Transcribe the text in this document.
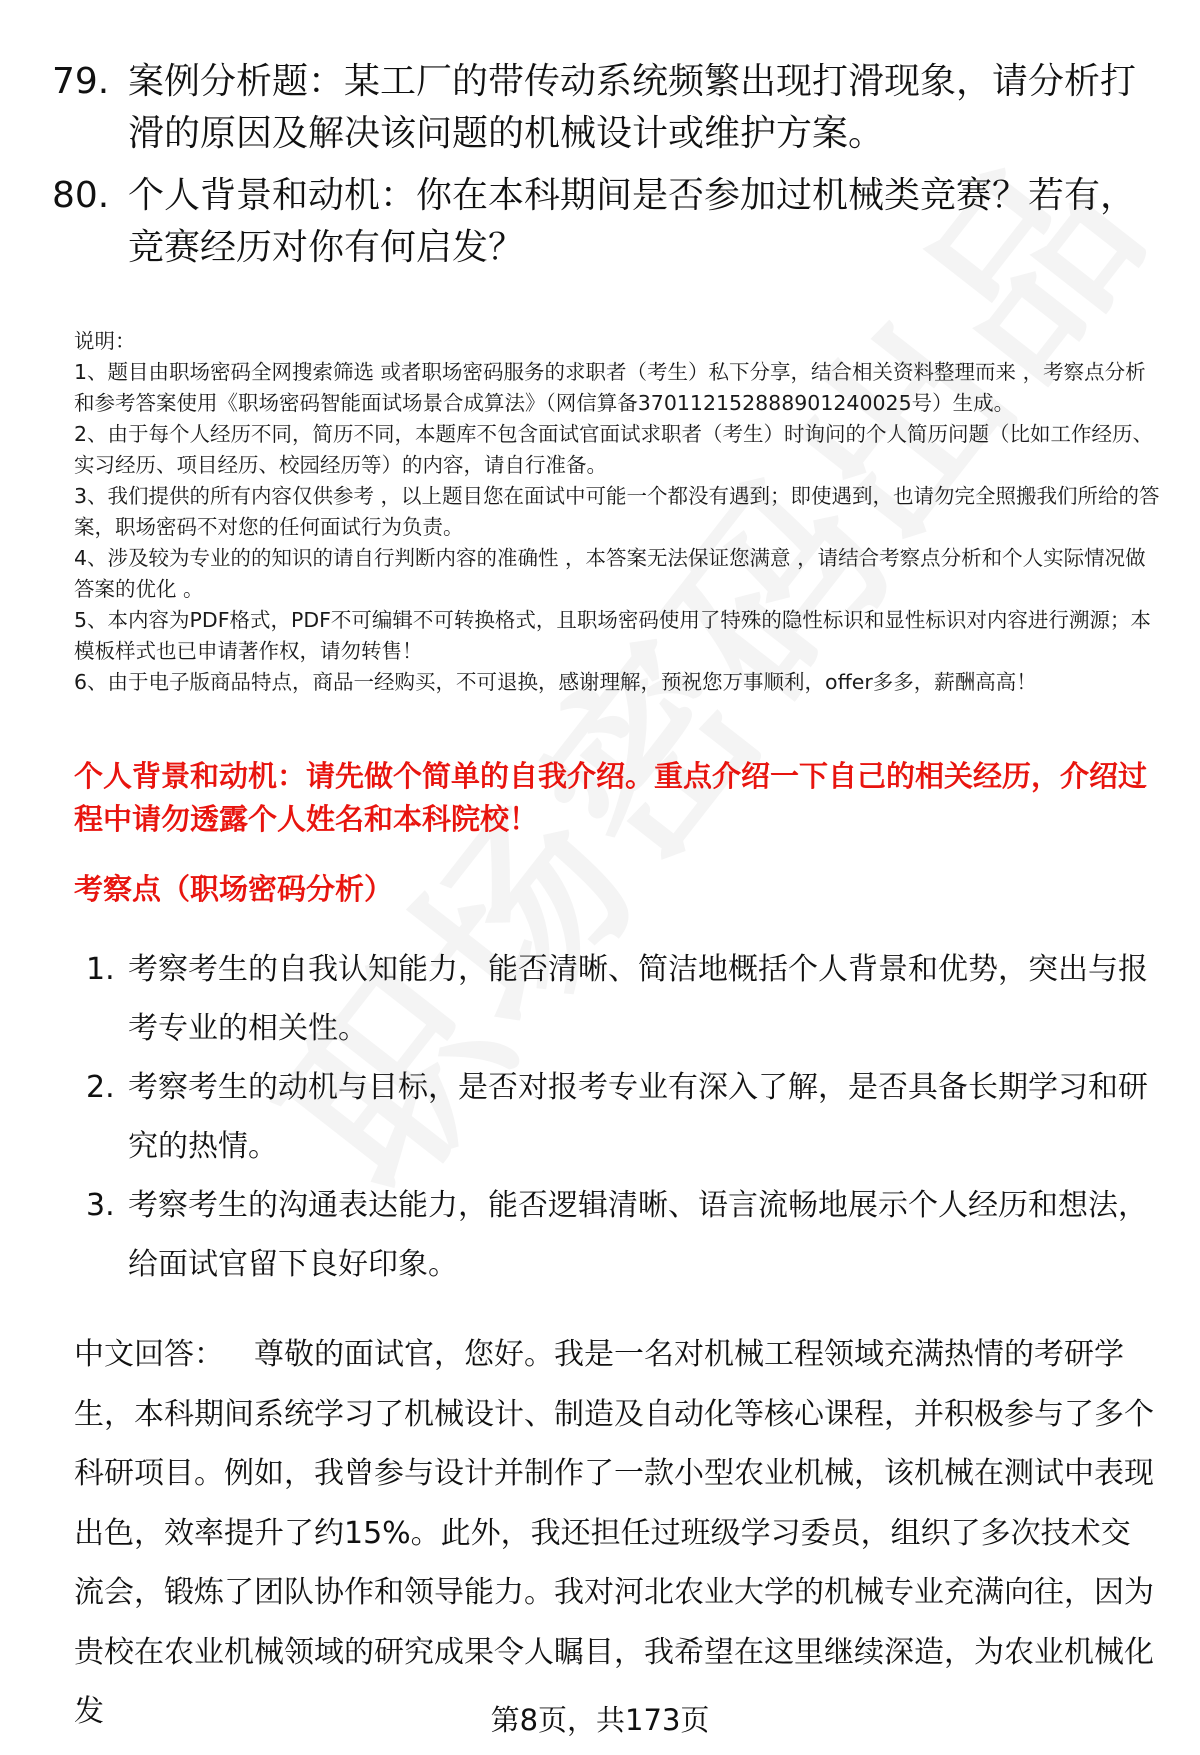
79. 案例分析题：某工厂的带传动系统频繁出现打滑现象，请分析打滑的原因及解决该问题的机械设计或维护方案。
80. 个人背景和动机：你在本科期间是否参加过机械类竞赛？若有，竞赛经历对你有何启发？

说明：

1、题目由职场密码全网搜索筛选 或者职场密码服务的求职者（考生）私下分享，结合相关资料整理而来 ，考察点分析和参考答案使用《职场密码智能面试场景合成算法》（网信算备370112152888901240025号）生成。

2、由于每个人经历不同，简历不同，本题库不包含面试官面试求职者（考生）时询问的个人简历问题（比如工作经历、实习经历、项目经历、校园经历等）的内容，请自行准备。

3、我们提供的所有内容仅供参考 ，以上题目您在面试中可能一个都没有遇到；即使遇到，也请勿完全照搬我们所给的答案，职场密码不对您的任何面试行为负责。

4、涉及较为专业的的知识的请自行判断内容的准确性 ，本答案无法保证您满意 ，请结合考察点分析和个人实际情况做答案的优化 。

5、本内容为PDF格式，PDF不可编辑不可转换格式，且职场密码使用了特殊的隐性标识和显性标识对内容进行溯源；本模板样式也已申请著作权，请勿转售！

6、由于电子版商品特点，商品一经购买，不可退换，感谢理解，预祝您万事顺利，offer多多，薪酬高高！

个人背景和动机：请先做个简单的自我介绍。重点介绍一下自己的相关经历，介绍过程中请勿透露个人姓名和本科院校！
考察点（职场密码分析）
1. 考察考生的自我认知能力，能否清晰、简洁地概括个人背景和优势，突出与报考专业的相关性。
2. 考察考生的动机与目标，是否对报考专业有深入了解，是否具备长期学习和研究的热情。
3. 考察考生的沟通表达能力，能否逻辑清晰、语言流畅地展示个人经历和想法，给面试官留下良好印象。
中文回答： 尊敬的面试官，您好。我是一名对机械工程领域充满热情的考研学生，本科期间系统学习了机械设计、制造及自动化等核心课程，并积极参与了多个科研项目。例如，我曾参与设计并制作了一款小型农业机械，该机械在测试中表现出色，效率提升了约15%。此外，我还担任过班级学习委员，组织了多次技术交流会，锻炼了团队协作和领导能力。我对河北农业大学的机械专业充满向往，因为贵校在农业机械领域的研究成果令人瞩目，我希望在这里继续深造，为农业机械化发	第8页，共173页
